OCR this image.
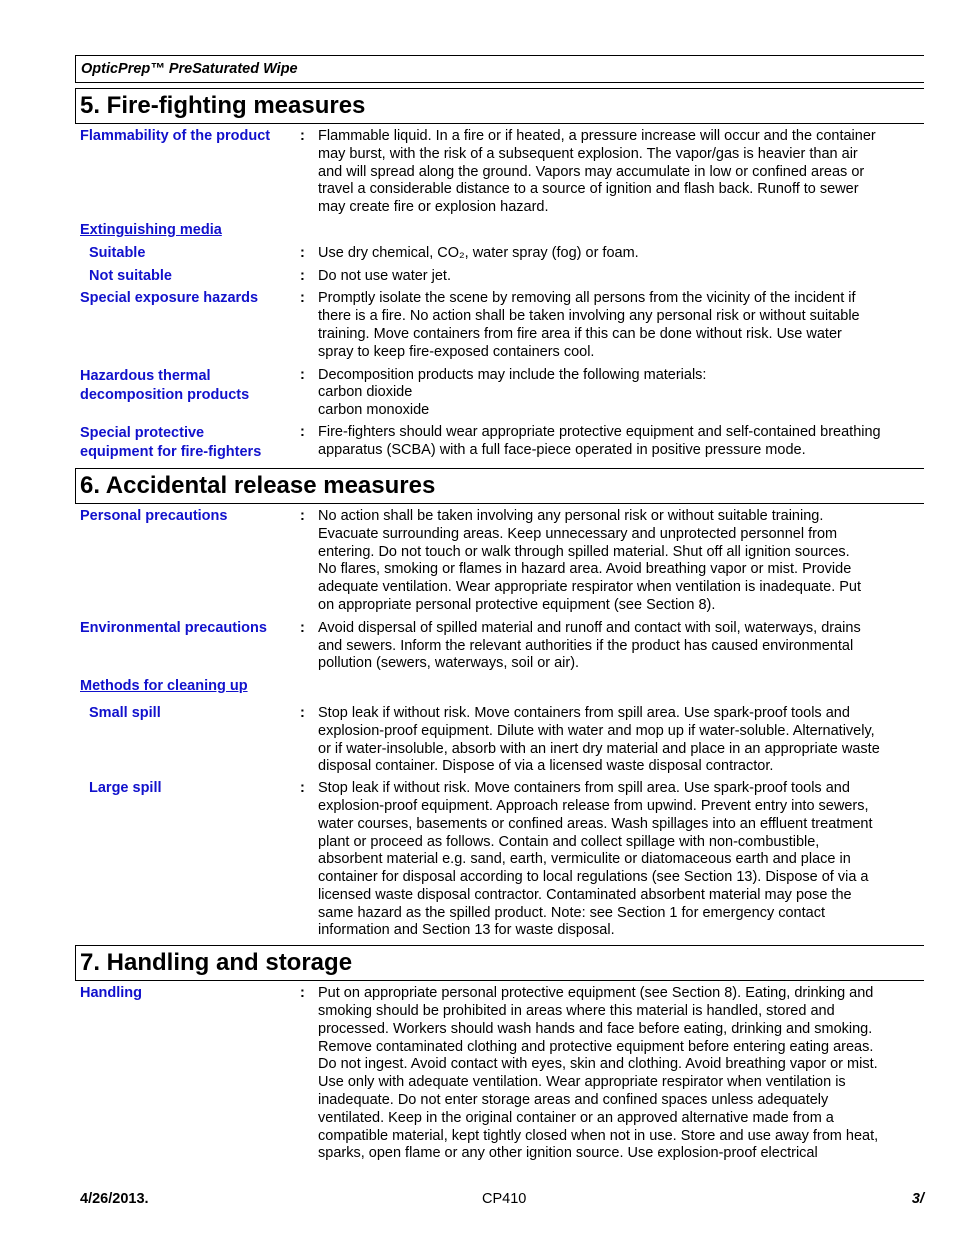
OpticPrep™ PreSaturated Wipe
5. Fire-fighting measures
Flammability of the product	: Flammable liquid. In a fire or if heated, a pressure increase will occur and the container
may burst, with the risk of a subsequent explosion. The vapor/gas is heavier than air
and will spread along the ground. Vapors may accumulate in low or confined areas or
travel a considerable distance to a source of ignition and flash back. Runoff to sewer
may create fire or explosion hazard.
Extinguishing media
Suitable	: Use dry chemical, CO₂, water spray (fog) or foam.
Not suitable	: Do not use water jet.
Special exposure hazards	: Promptly isolate the scene by removing all persons from the vicinity of the incident if
there is a fire. No action shall be taken involving any personal risk or without suitable
training. Move containers from fire area if this can be done without risk. Use water
spray to keep fire-exposed containers cool.
Hazardous thermal
decomposition products
: Decomposition products may include the following materials:
carbon dioxide
carbon monoxide
Special protective
equipment for fire-fighters
: Fire-fighters should wear appropriate protective equipment and self-contained breathing
apparatus (SCBA) with a full face-piece operated in positive pressure mode.
6. Accidental release measures
Personal precautions	: No action shall be taken involving any personal risk or without suitable training.
Evacuate surrounding areas. Keep unnecessary and unprotected personnel from
entering. Do not touch or walk through spilled material. Shut off all ignition sources.
No flares, smoking or flames in hazard area. Avoid breathing vapor or mist. Provide
adequate ventilation. Wear appropriate respirator when ventilation is inadequate. Put
on appropriate personal protective equipment (see Section 8).
Environmental precautions	: Avoid dispersal of spilled material and runoff and contact with soil, waterways, drains
and sewers. Inform the relevant authorities if the product has caused environmental
pollution (sewers, waterways, soil or air).
Methods for cleaning up
Small spill	: Stop leak if without risk. Move containers from spill area. Use spark-proof tools and
explosion-proof equipment. Dilute with water and mop up if water-soluble. Alternatively,
or if water-insoluble, absorb with an inert dry material and place in an appropriate waste
disposal container. Dispose of via a licensed waste disposal contractor.
Large spill	: Stop leak if without risk. Move containers from spill area. Use spark-proof tools and
explosion-proof equipment. Approach release from upwind. Prevent entry into sewers,
water courses, basements or confined areas. Wash spillages into an effluent treatment
plant or proceed as follows. Contain and collect spillage with non-combustible,
absorbent material e.g. sand, earth, vermiculite or diatomaceous earth and place in
container for disposal according to local regulations (see Section 13). Dispose of via a
licensed waste disposal contractor. Contaminated absorbent material may pose the
same hazard as the spilled product. Note: see Section 1 for emergency contact
information and Section 13 for waste disposal.
7. Handling and storage
Handling	: Put on appropriate personal protective equipment (see Section 8). Eating, drinking and
smoking should be prohibited in areas where this material is handled, stored and
processed. Workers should wash hands and face before eating, drinking and smoking.
Remove contaminated clothing and protective equipment before entering eating areas.
Do not ingest. Avoid contact with eyes, skin and clothing. Avoid breathing vapor or mist.
Use only with adequate ventilation. Wear appropriate respirator when ventilation is
inadequate. Do not enter storage areas and confined spaces unless adequately
ventilated. Keep in the original container or an approved alternative made from a
compatible material, kept tightly closed when not in use. Store and use away from heat,
sparks, open flame or any other ignition source. Use explosion-proof electrical
4/26/2013.	CP410	3/
